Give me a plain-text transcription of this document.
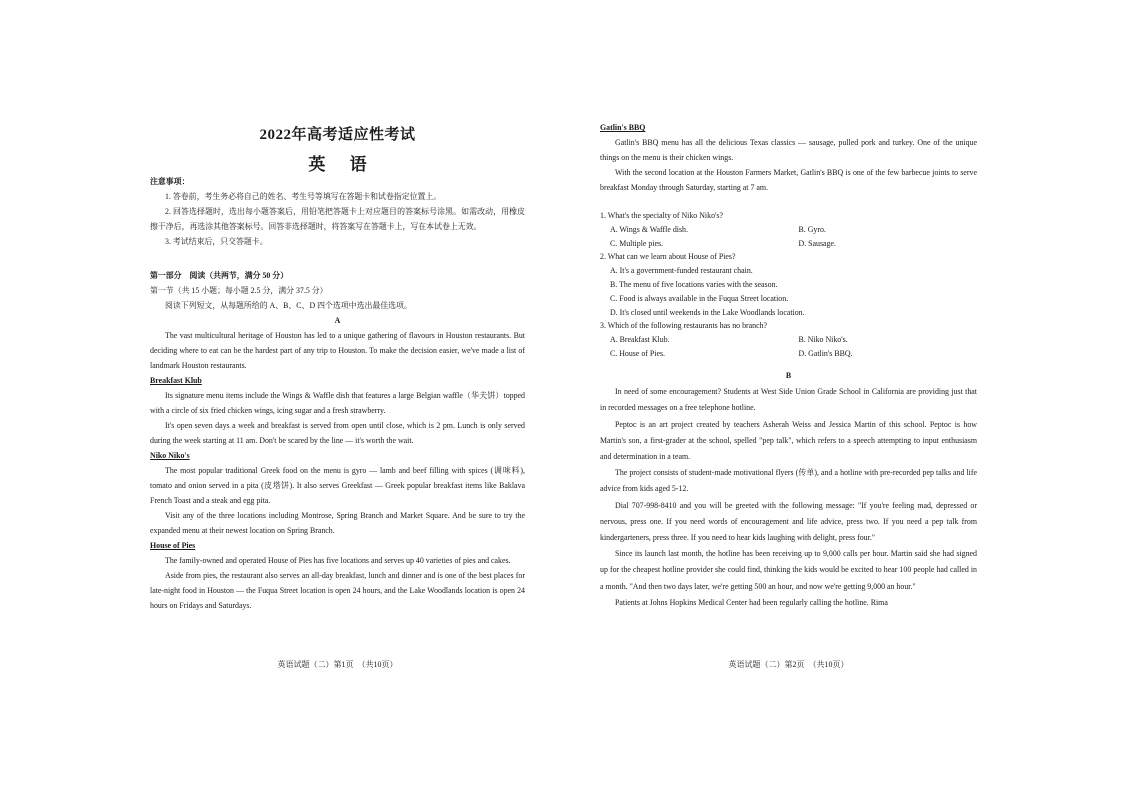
2022年高考适应性考试
英 语

注意事项：

1. 答卷前，考生务必将自己的姓名、考生号等填写在答题卡和试卷指定位置上。

2. 回答选择题时，选出每小题答案后，用铅笔把答题卡上对应题目的答案标号涂黑。如需改动，用橡皮擦干净后，再选涂其他答案标号。回答非选择题时，将答案写在答题卡上，写在本试卷上无效。

3. 考试结束后，只交答题卡。

第一部分　阅读（共两节，满分 50 分）

第一节（共 15 小题；每小题 2.5 分，满分 37.5 分）

阅读下列短文，从每题所给的 A、B、C、D 四个选项中选出最佳选项。

A

The vast multicultural heritage of Houston has led to a unique gathering of flavours in Houston restaurants. But deciding where to eat can be the hardest part of any trip to Houston. To make the decision easier, we've made a list of landmark Houston restaurants.

Breakfast Klub

Its signature menu items include the Wings & Waffle dish that features a large Belgian waffle（华夫饼）topped with a circle of six fried chicken wings, icing sugar and a fresh strawberry.

It's open seven days a week and breakfast is served from open until close, which is 2 pm. Lunch is only served during the week starting at 11 am. Don't be scared by the line — it's worth the wait.

Niko Niko's

The most popular traditional Greek food on the menu is gyro — lamb and beef filling with spices (调味料), tomato and onion served in a pita (皮塔饼). It also serves Greekfast — Greek popular breakfast items like Baklava French Toast and a steak and egg pita.

Visit any of the three locations including Montrose, Spring Branch and Market Square. And be sure to try the expanded menu at their newest location on Spring Branch.

House of Pies

The family-owned and operated House of Pies has five locations and serves up 40 varieties of pies and cakes.

Aside from pies, the restaurant also serves an all-day breakfast, lunch and dinner and is one of the best places for late-night food in Houston — the Fuqua Street location is open 24 hours, and the Lake Woodlands location is open 24 hours on Fridays and Saturdays.

英语试题（二）第1页　（共10页）

Gatlin's BBQ

Gatlin's BBQ menu has all the delicious Texas classics — sausage, pulled pork and turkey. One of the unique things on the menu is their chicken wings.

With the second location at the Houston Farmers Market, Gatlin's BBQ is one of the few barbecue joints to serve breakfast Monday through Saturday, starting at 7 am.

1. What's the specialty of Niko Niko's?

A. Wings & Waffle dish.	B. Gyro.
C. Multiple pies.	D. Sausage.

2. What can we learn about House of Pies?

A. It's a government-funded restaurant chain.
B. The menu of five locations varies with the season.
C. Food is always available in the Fuqua Street location.
D. It's closed until weekends in the Lake Woodlands location.

3. Which of the following restaurants has no branch?

A. Breakfast Klub.	B. Niko Niko's.
C. House of Pies.	D. Gatlin's BBQ.

B

In need of some encouragement? Students at West Side Union Grade School in California are providing just that in recorded messages on a free telephone hotline.

Peptoc is an art project created by teachers Asherah Weiss and Jessica Martin of this school. Peptoc is how Martin's son, a first-grader at the school, spelled "pep talk", which refers to a speech attempting to input enthusiasm and determination in a team.

The project consists of student-made motivational flyers (传单), and a hotline with pre-recorded pep talks and life advice from kids aged 5-12.

Dial 707-998-8410 and you will be greeted with the following message: "If you're feeling mad, depressed or nervous, press one. If you need words of encouragement and life advice, press two. If you need a pep talk from kindergarteners, press three. If you need to hear kids laughing with delight, press four."

Since its launch last month, the hotline has been receiving up to 9,000 calls per hour. Martin said she had signed up for the cheapest hotline provider she could find, thinking the kids would be excited to hear 100 people had called in a month. "And then two days later, we're getting 500 an hour, and now we're getting 9,000 an hour."

Patients at Johns Hopkins Medical Center had been regularly calling the hotline. Rima

英语试题（二）第2页　（共10页）
